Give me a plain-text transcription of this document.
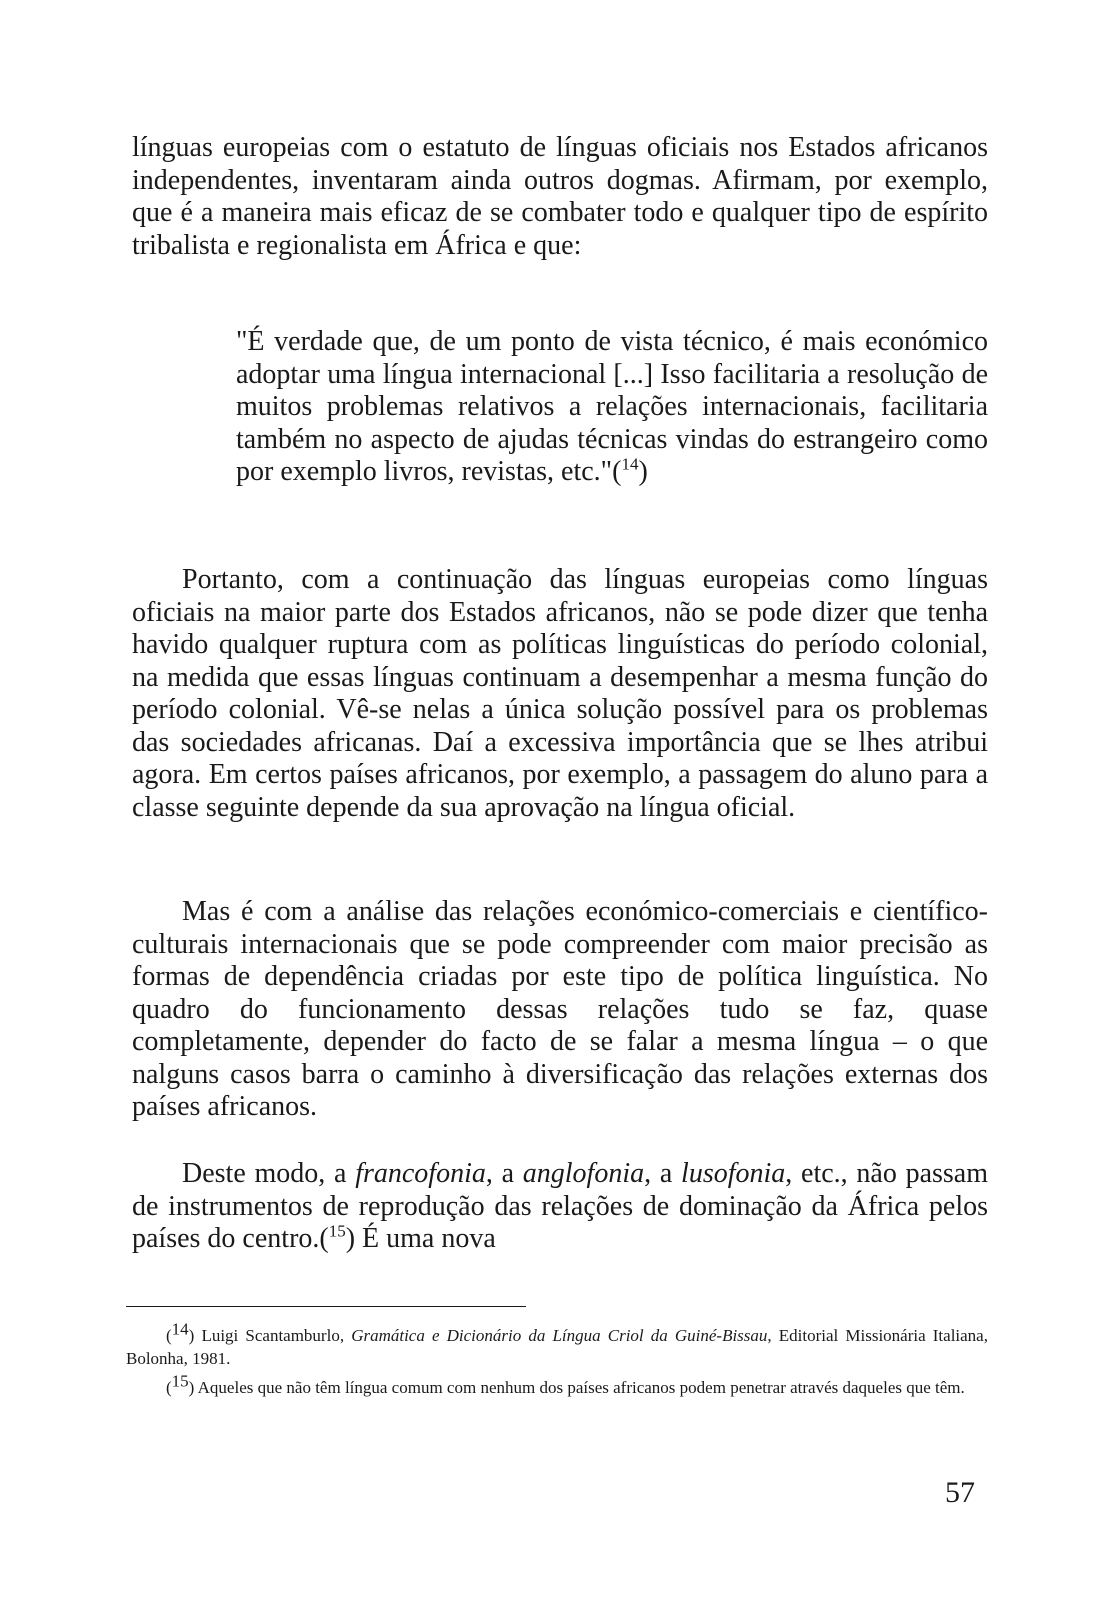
línguas europeias com o estatuto de línguas oficiais nos Estados africanos independentes, inventaram ainda outros dogmas. Afirmam, por exemplo, que é a maneira mais eficaz de se combater todo e qualquer tipo de espírito tribalista e regionalista em África e que:

"É verdade que, de um ponto de vista técnico, é mais económico adoptar uma língua internacional [...] Isso facilitaria a resolução de muitos problemas relativos a relações internacionais, facilitaria também no aspecto de ajudas técnicas vindas do estrangeiro como por exemplo livros, revistas, etc."($^{14}$)

Portanto, com a continuação das línguas europeias como línguas oficiais na maior parte dos Estados africanos, não se pode dizer que tenha havido qualquer ruptura com as políticas linguísticas do período colonial, na medida que essas línguas continuam a desempenhar a mesma função do período colonial. Vê-se nelas a única solução possível para os problemas das sociedades africanas. Daí a excessiva importância que se lhes atribui agora. Em certos países africanos, por exemplo, a passagem do aluno para a classe seguinte depende da sua aprovação na língua oficial.

Mas é com a análise das relações económico-comerciais e científico-culturais internacionais que se pode compreender com maior precisão as formas de dependência criadas por este tipo de política linguística. No quadro do funcionamento dessas relações tudo se faz, quase completamente, depender do facto de se falar a mesma língua – o que nalguns casos barra o caminho à diversificação das relações externas dos países africanos.

Deste modo, a francofonia, a anglofonia, a lusofonia, etc., não passam de instrumentos de reprodução das relações de dominação da África pelos países do centro.($^{15}$) É uma nova

($^{14}$) Luigi Scantamburlo, Gramática e Dicionário da Língua Criol da Guiné-Bissau, Editorial Missionária Italiana, Bolonha, 1981.

($^{15}$) Aqueles que não têm língua comum com nenhum dos países africanos podem penetrar através daqueles que têm.

57
